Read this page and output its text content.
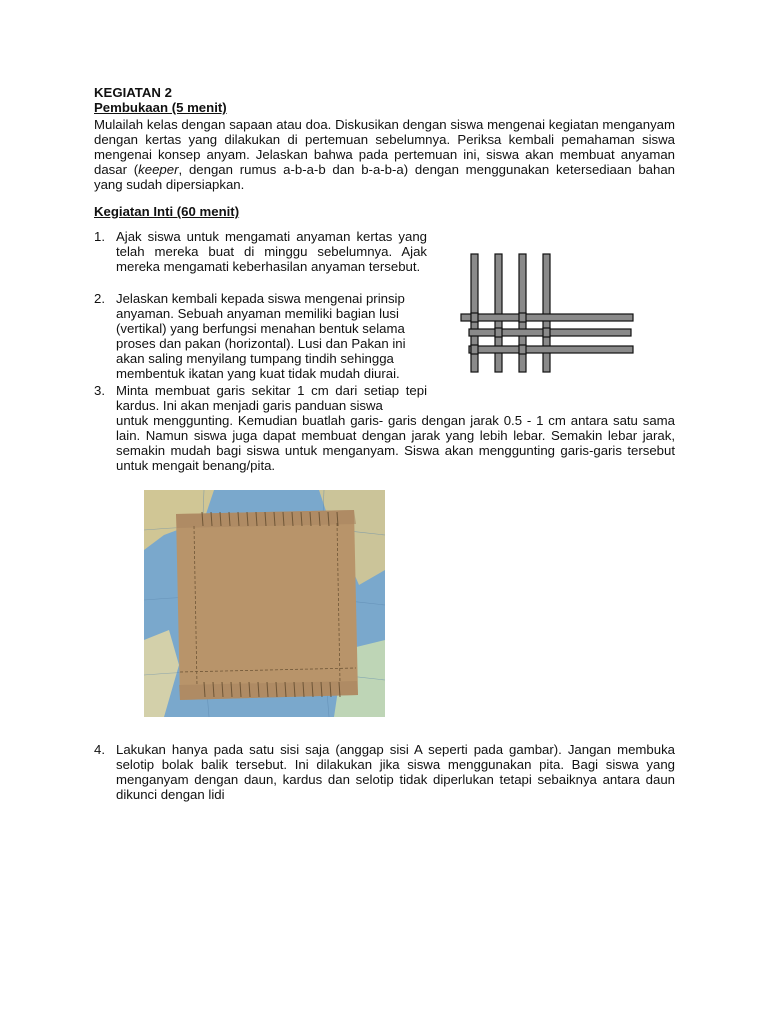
KEGIATAN 2
Pembukaan (5 menit)

Mulailah kelas dengan sapaan atau doa. Diskusikan dengan siswa mengenai kegiatan menganyam dengan kertas yang dilakukan di pertemuan sebelumnya. Periksa kembali pemahaman siswa mengenai konsep anyam. Jelaskan bahwa pada pertemuan ini, siswa akan membuat anyaman dasar (keeper, dengan rumus a-b-a-b dan b-a-b-a) dengan menggunakan ketersediaan bahan yang sudah dipersiapkan.

Kegiatan Inti (60 menit)
1. Ajak siswa untuk mengamati anyaman kertas yang telah mereka buat di minggu sebelumnya. Ajak mereka mengamati keberhasilan anyaman tersebut.
2. Jelaskan kembali kepada siswa mengenai prinsip anyaman. Sebuah anyaman memiliki bagian lusi (vertikal) yang berfungsi menahan bentuk selama proses dan pakan (horizontal). Lusi dan Pakan ini akan saling menyilang tumpang tindih sehingga membentuk ikatan yang kuat tidak mudah diurai.
3. Minta membuat garis sekitar 1 cm dari setiap tepi kardus. Ini akan menjadi garis panduan siswa
untuk menggunting. Kemudian buatlah garis- garis dengan jarak 0.5 - 1 cm antara satu sama lain. Namun siswa juga dapat membuat dengan jarak yang lebih lebar. Semakin lebar jarak, semakin mudah bagi siswa untuk menganyam. Siswa akan menggunting garis-garis tersebut untuk mengait benang/pita.
4. Lakukan hanya pada satu sisi saja (anggap sisi A seperti pada gambar). Jangan membuka selotip bolak balik tersebut. Ini dilakukan jika siswa menggunakan pita. Bagi siswa yang menganyam dengan daun, kardus dan selotip tidak diperlukan tetapi sebaiknya antara daun dikunci dengan lidi
